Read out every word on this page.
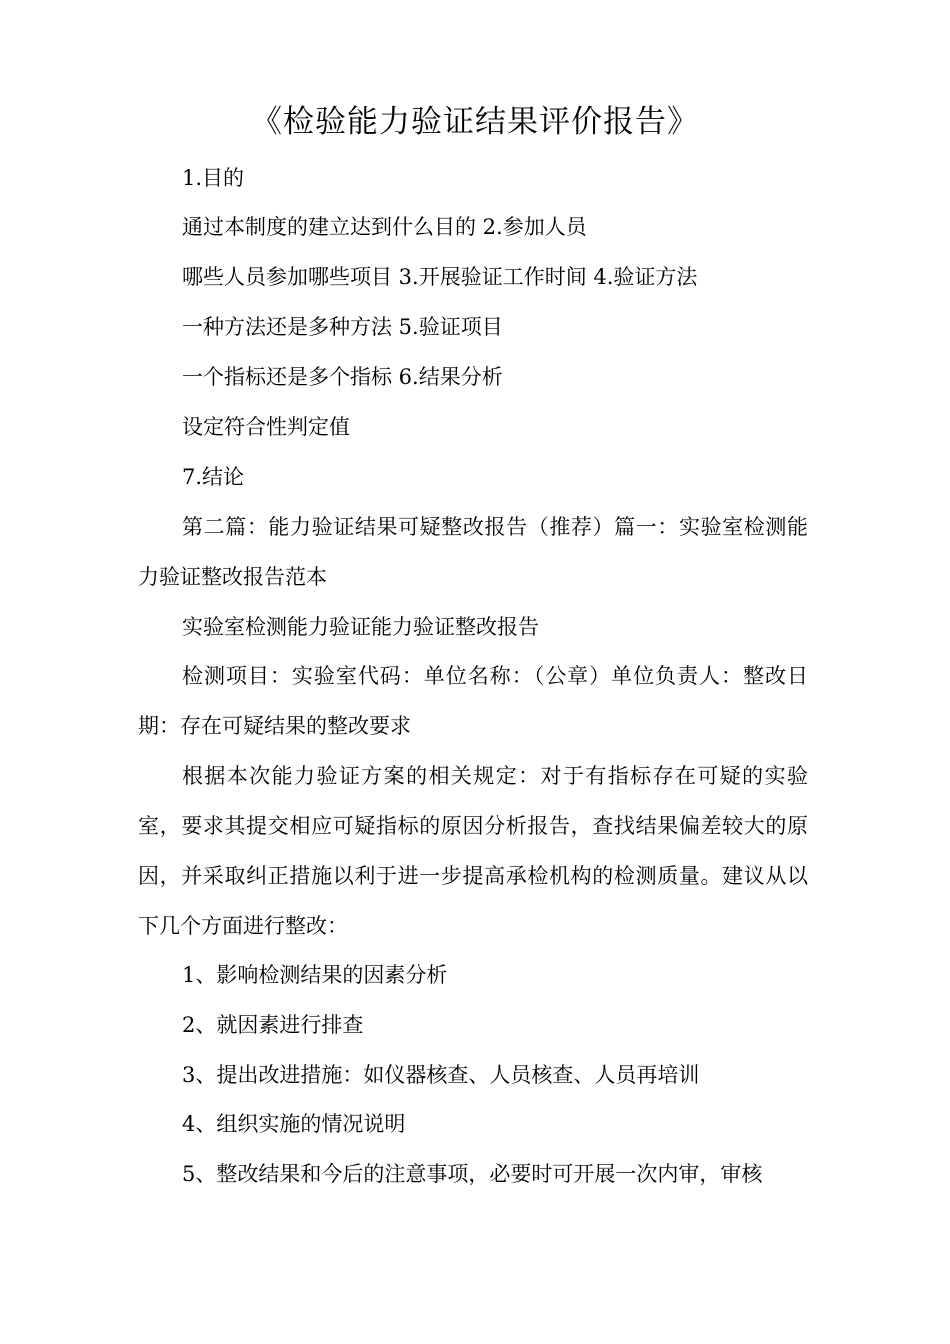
《检验能力验证结果评价报告》

1.目的

通过本制度的建立达到什么目的 2.参加人员

哪些人员参加哪些项目 3.开展验证工作时间 4.验证方法

一种方法还是多种方法 5.验证项目

一个指标还是多个指标 6.结果分析

设定符合性判定值

7.结论

第二篇：能力验证结果可疑整改报告（推荐）篇一：实验室检测能力验证整改报告范本

实验室检测能力验证能力验证整改报告

检测项目：实验室代码：单位名称：（公章）单位负责人：整改日期：存在可疑结果的整改要求

根据本次能力验证方案的相关规定：对于有指标存在可疑的实验室，要求其提交相应可疑指标的原因分析报告，查找结果偏差较大的原因，并采取纠正措施以利于进一步提高承检机构的检测质量。建议从以下几个方面进行整改：

1、影响检测结果的因素分析

2、就因素进行排查

3、提出改进措施：如仪器核查、人员核查、人员再培训

4、组织实施的情况说明

5、整改结果和今后的注意事项，必要时可开展一次内审，审核
